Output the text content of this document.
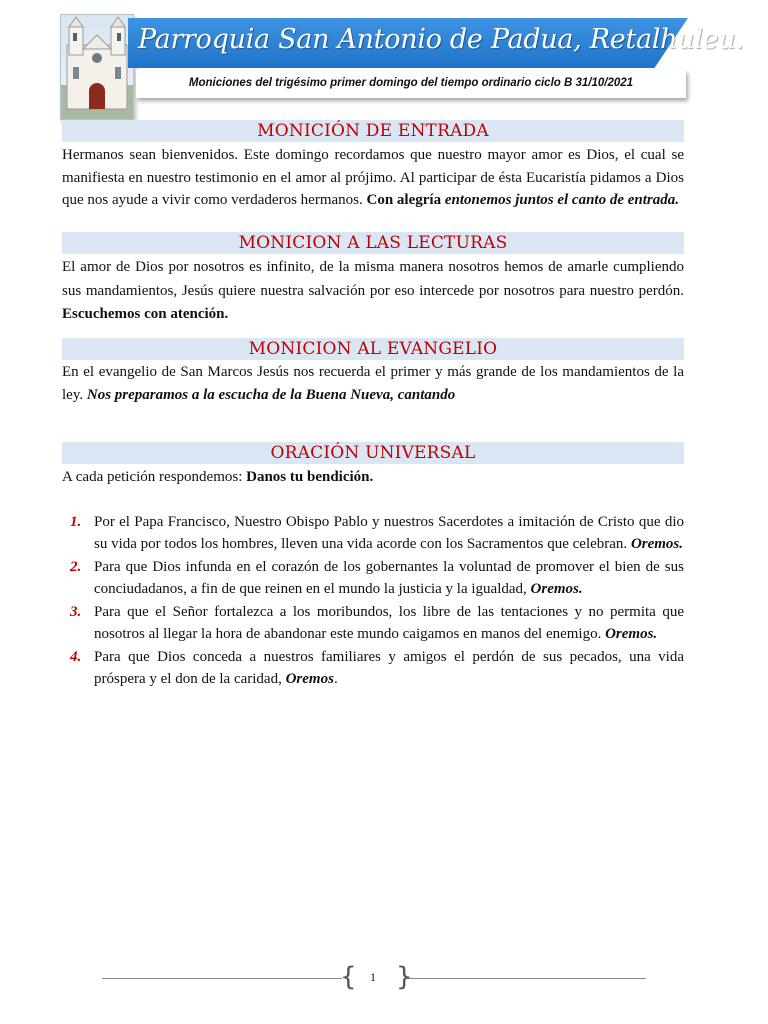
Parroquia San Antonio de Padua, Retalhuleu.
Moniciones del trigésimo primer domingo del tiempo ordinario ciclo B 31/10/2021
MONICIÓN DE ENTRADA
Hermanos sean bienvenidos. Este domingo recordamos que nuestro mayor amor es Dios, el cual se manifiesta en nuestro testimonio en el amor al prójimo. Al participar de ésta Eucaristía pidamos a Dios que nos ayude a vivir como verdaderos hermanos. Con alegría entonemos juntos el canto de entrada.
MONICION A LAS LECTURAS
El amor de Dios por nosotros es infinito, de la misma manera nosotros hemos de amarle cumpliendo sus mandamientos, Jesús quiere nuestra salvación por eso intercede por nosotros para nuestro perdón. Escuchemos con atención.
MONICION AL EVANGELIO
En el evangelio de San Marcos Jesús nos recuerda el primer y más grande de los mandamientos de la ley. Nos preparamos a la escucha de la Buena Nueva, cantando
ORACIÓN UNIVERSAL
A cada petición respondemos: Danos tu bendición.
1. Por el Papa Francisco, Nuestro Obispo Pablo y nuestros Sacerdotes a imitación de Cristo que dio su vida por todos los hombres, lleven una vida acorde con los Sacramentos que celebran. Oremos.
2. Para que Dios infunda en el corazón de los gobernantes la voluntad de promover el bien de sus conciudadanos, a fin de que reinen en el mundo la justicia y la igualdad, Oremos.
3. Para que el Señor fortalezca a los moribundos, los libre de las tentaciones y no permita que nosotros al llegar la hora de abandonar este mundo caigamos en manos del enemigo. Oremos.
4. Para que Dios conceda a nuestros familiares y amigos el perdón de sus pecados, una vida próspera y el don de la caridad, Oremos.
{ }
1
